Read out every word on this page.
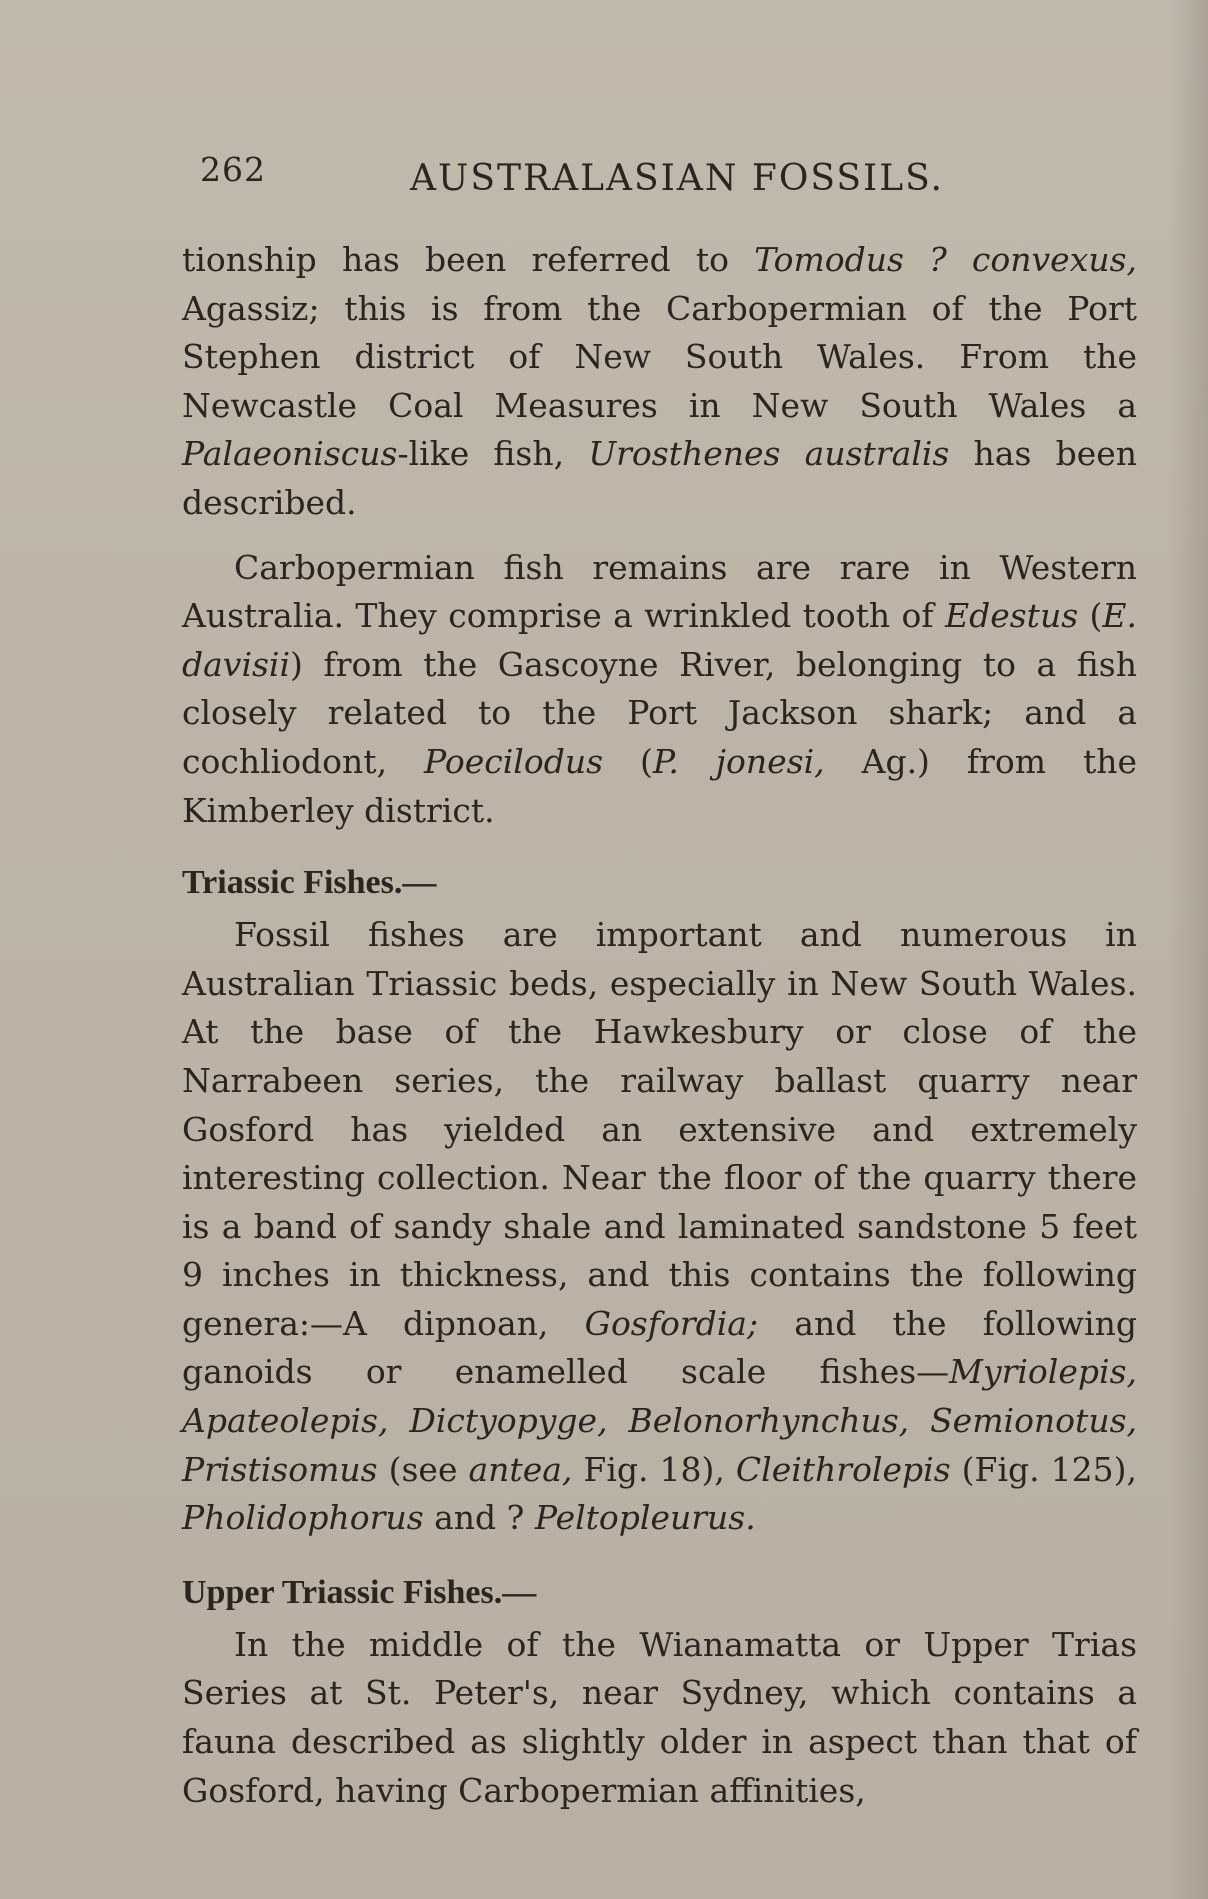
262	AUSTRALASIAN FOSSILS.

tionship has been referred to Tomodus ? convexus, Agassiz; this is from the Carbopermian of the Port Stephen district of New South Wales. From the Newcastle Coal Measures in New South Wales a Palaeoniscus-like fish, Urosthenes australis has been described.

Carbopermian fish remains are rare in Western Australia. They comprise a wrinkled tooth of Edestus (E. davisii) from the Gascoyne River, belonging to a fish closely related to the Port Jackson shark; and a cochliodont, Poecilodus (P. jonesi, Ag.) from the Kimberley district.

Triassic Fishes.—

Fossil fishes are important and numerous in Australian Triassic beds, especially in New South Wales. At the base of the Hawkesbury or close of the Narrabeen series, the railway ballast quarry near Gosford has yielded an extensive and extremely interesting collection. Near the floor of the quarry there is a band of sandy shale and laminated sandstone 5 feet 9 inches in thickness, and this contains the following genera:—A dipnoan, Gosfordia; and the following ganoids or enamelled scale fishes—Myriolepis, Apateolepis, Dictyopyge, Belonorhynchus, Semionotus, Pristisomus (see antea, Fig. 18), Cleithrolepis (Fig. 125), Pholidophorus and ? Peltopleurus.

Upper Triassic Fishes.—

In the middle of the Wianamatta or Upper Trias Series at St. Peter's, near Sydney, which contains a fauna described as slightly older in aspect than that of Gosford, having Carbopermian affinities,
